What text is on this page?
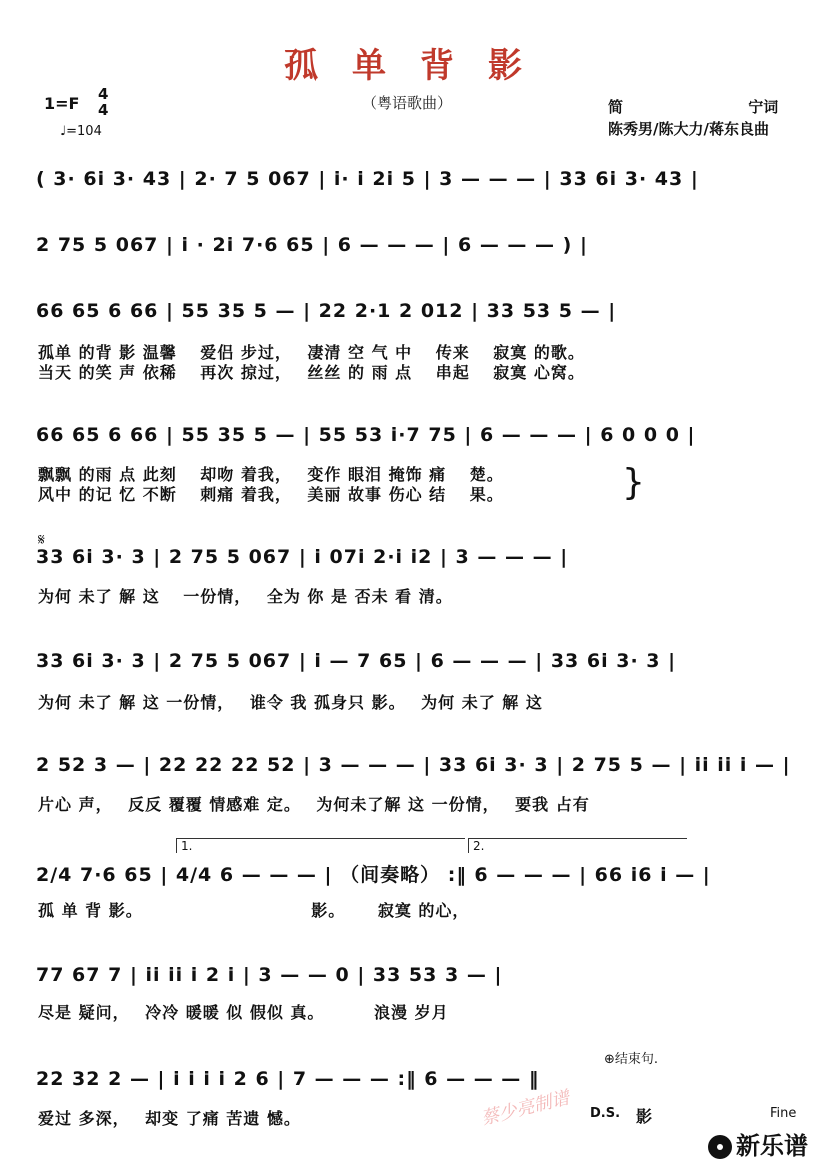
孤单背影
（粤语歌曲）
1=F 4
4
♩=104
简 宁词
陈秀男/陈大力/蒋东良曲
( 3· 6i 3· 43 | 2· 7 5 067 | i· i 2i 5 | 3 — — — | 33 6i 3· 43 |
2 75 5 067 | i · 2i 7·6 65 | 6 — — — | 6 — — — ) |
66 65 6 66 | 55 35 5 — | 22 2·1 2 012 | 33 53 5 — |
孤单 的背 影 温馨　 爱侣 步过，　 凄清 空 气 中　 传来　 寂寞 的歌。
当天 的笑 声 依稀　 再次 掠过，　 丝丝 的 雨 点　 串起　 寂寞 心窝。
66 65 6 66 | 55 35 5 — | 55 53 i·7 75 | 6 — — — | 6 0 0 0 |
飘飘 的雨 点 此刻　 却吻 着我，　 变作 眼泪 掩饰 痛　 楚。
风中 的记 忆 不断　 刺痛 着我，　 美丽 故事 伤心 结　 果。	}
𝄋
33 6i 3· 3 | 2 75 5 067 | i 07i 2·i i2 | 3 — — — |
为何 未了 解 这　 一份情，　 全为 你 是 否未 看 清。
33 6i 3· 3 | 2 75 5 067 | i — 7 65 | 6 — — — | 33 6i 3· 3 |
为何 未了 解 这 一份情，　 谁令 我 孤身只 影。　 为何 未了 解 这
2 52 3 — | 22 22 22 52 | 3 — — — | 33 6i 3· 3 | 2 75 5 — | ii ii i — |
片心 声，　 反反 覆覆 情感难 定。　 为何未了解 这 一份情，　 要我 占有
1.	2.
2/4 7·6 65 | 4/4 6 — — — | （间奏略） :‖ 6 — — — | 66 i6 i — |
孤 单 背 影。　　　　　　　　　　 影。　　 寂寞 的心，
77 67 7 | ii ii i 2 i | 3 — — 0 | 33 53 3 — |
尽是 疑问，　 冷冷 暖暖 似 假似 真。　　　 浪漫 岁月
⊕结束句.
22 32 2 — | i i i i 2 6 | 7 — — — :‖ 6 — — — ‖
爱过 多深，　 却变 了痛 苦遗 憾。	D.S. 影	Fine
蔡少亮制谱
新乐谱
